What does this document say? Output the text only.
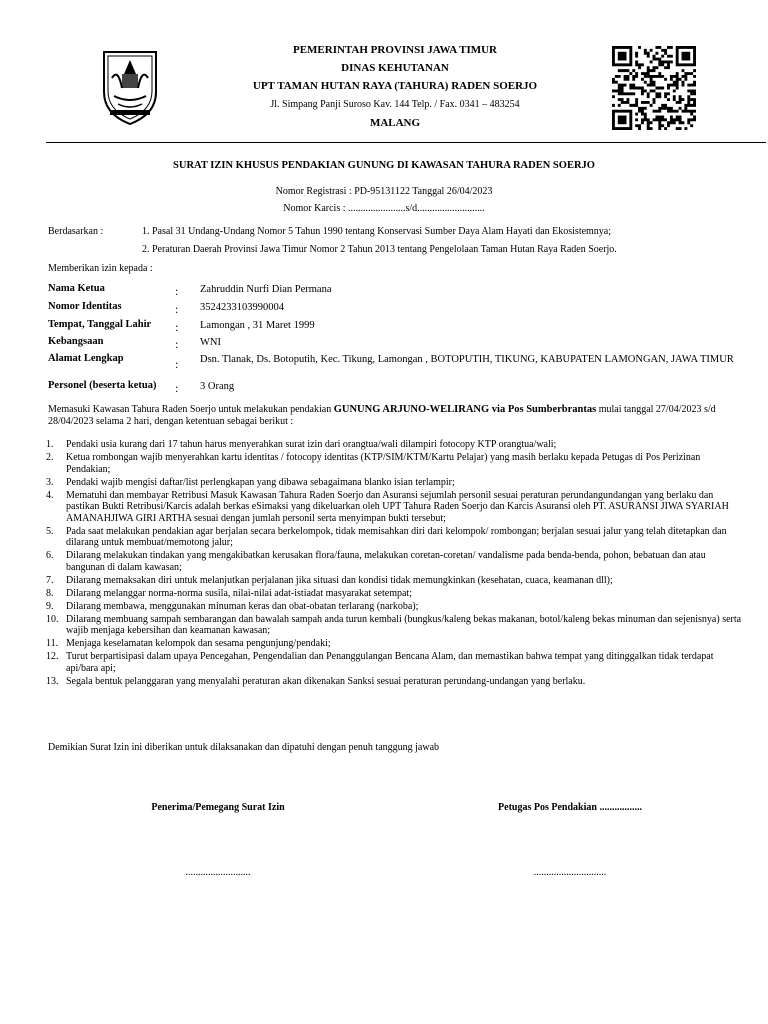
PEMERINTAH PROVINSI JAWA TIMUR
DINAS KEHUTANAN
UPT TAMAN HUTAN RAYA (TAHURA) RADEN SOERJO
Jl. Simpang Panji Suroso Kav. 144 Telp. / Fax. 0341 – 483254
MALANG
SURAT IZIN KHUSUS PENDAKIAN GUNUNG DI KAWASAN TAHURA RADEN SOERJO
Nomor Registrasi : PD-95131122 Tanggal 26/04/2023
Nomor Karcis : .......................s/d...........................
Berdasarkan :	1. Pasal 31 Undang-Undang Nomor 5 Tahun 1990 tentang Konservasi Sumber Daya Alam Hayati dan Ekosistemnya;
2. Peraturan Daerah Provinsi Jawa Timur Nomor 2 Tahun 2013 tentang Pengelolaan Taman Hutan Raya Raden Soerjo.
Memberikan izin kepada :
Nama Ketua	: Zahruddin Nurfi Dian Permana
Nomor Identitas	: 3524233103990004
Tempat, Tanggal Lahir : Lamongan , 31 Maret 1999
Kebangsaan	: WNI
Alamat Lengkap	: Dsn. Tlanak, Ds. Botoputih, Kec. Tikung, Lamongan , BOTOPUTIH, TIKUNG, KABUPATEN LAMONGAN, JAWA TIMUR
Personel (beserta ketua) : 3 Orang
Memasuki Kawasan Tahura Raden Soerjo untuk melakukan pendakian GUNUNG ARJUNO-WELIRANG via Pos Sumberbrantas mulai tanggal 27/04/2023 s/d 28/04/2023 selama 2 hari, dengan ketentuan sebagai berikut :
1.	Pendaki usia kurang dari 17 tahun harus menyerahkan surat izin dari orangtua/wali dilampiri fotocopy KTP orangtua/wali;
2.	Ketua rombongan wajib menyerahkan kartu identitas / fotocopy identitas (KTP/SIM/KTM/Kartu Pelajar) yang masih berlaku kepada Petugas di Pos Perizinan Pendakian;
3.	Pendaki wajib mengisi daftar/list perlengkapan yang dibawa sebagaimana blanko isian terlampir;
4.	Mematuhi dan membayar Retribusi Masuk Kawasan Tahura Raden Soerjo dan Asuransi sejumlah personil sesuai peraturan perundangundangan yang berlaku dan pastikan Bukti Retribusi/Karcis adalah berkas eSimaksi yang dikeluarkan oleh UPT Tahura Raden Soerjo dan Karcis Asuransi oleh PT. ASURANSI JIWA SYARIAH AMANAHJIWA GIRI ARTHA sesuai dengan jumlah personil serta menyimpan bukti tersebut;
5.	Pada saat melakukan pendakian agar berjalan secara berkelompok, tidak memisahkan diri dari kelompok/ rombongan; berjalan sesuai jalur yang telah ditetapkan dan dilarang untuk membuat/memotong jalur;
6.	Dilarang melakukan tindakan yang mengakibatkan kerusakan flora/fauna, melakukan coretan-coretan/ vandalisme pada benda-benda, pohon, bebatuan dan atau bangunan di dalam kawasan;
7.	Dilarang memaksakan diri untuk melanjutkan perjalanan jika situasi dan kondisi tidak memungkinkan (kesehatan, cuaca, keamanan dll);
8.	Dilarang melanggar norma-norma susila, nilai-nilai adat-istiadat masyarakat setempat;
9.	Dilarang membawa, menggunakan minuman keras dan obat-obatan terlarang (narkoba);
10. Dilarang membuang sampah sembarangan dan bawalah sampah anda turun kembali (bungkus/kaleng bekas makanan, botol/kaleng bekas minuman dan sejenisnya) serta wajib menjaga kebersihan dan keamanan kawasan;
11. Menjaga keselamatan kelompok dan sesama pengunjung/pendaki;
12. Turut berpartisipasi dalam upaya Pencegahan, Pengendalian dan Penanggulangan Bencana Alam, dan memastikan bahwa tempat yang ditinggalkan tidak terdapat api/bara api;
13. Segala bentuk pelanggaran yang menyalahi peraturan akan dikenakan Sanksi sesuai peraturan perundang-undangan yang berlaku.
Demikian Surat Izin ini diberikan untuk dilaksanakan dan dipatuhi dengan penuh tanggung jawab
Penerima/Pemegang Surat Izin	Petugas Pos Pendakian .................
..........................	.............................
